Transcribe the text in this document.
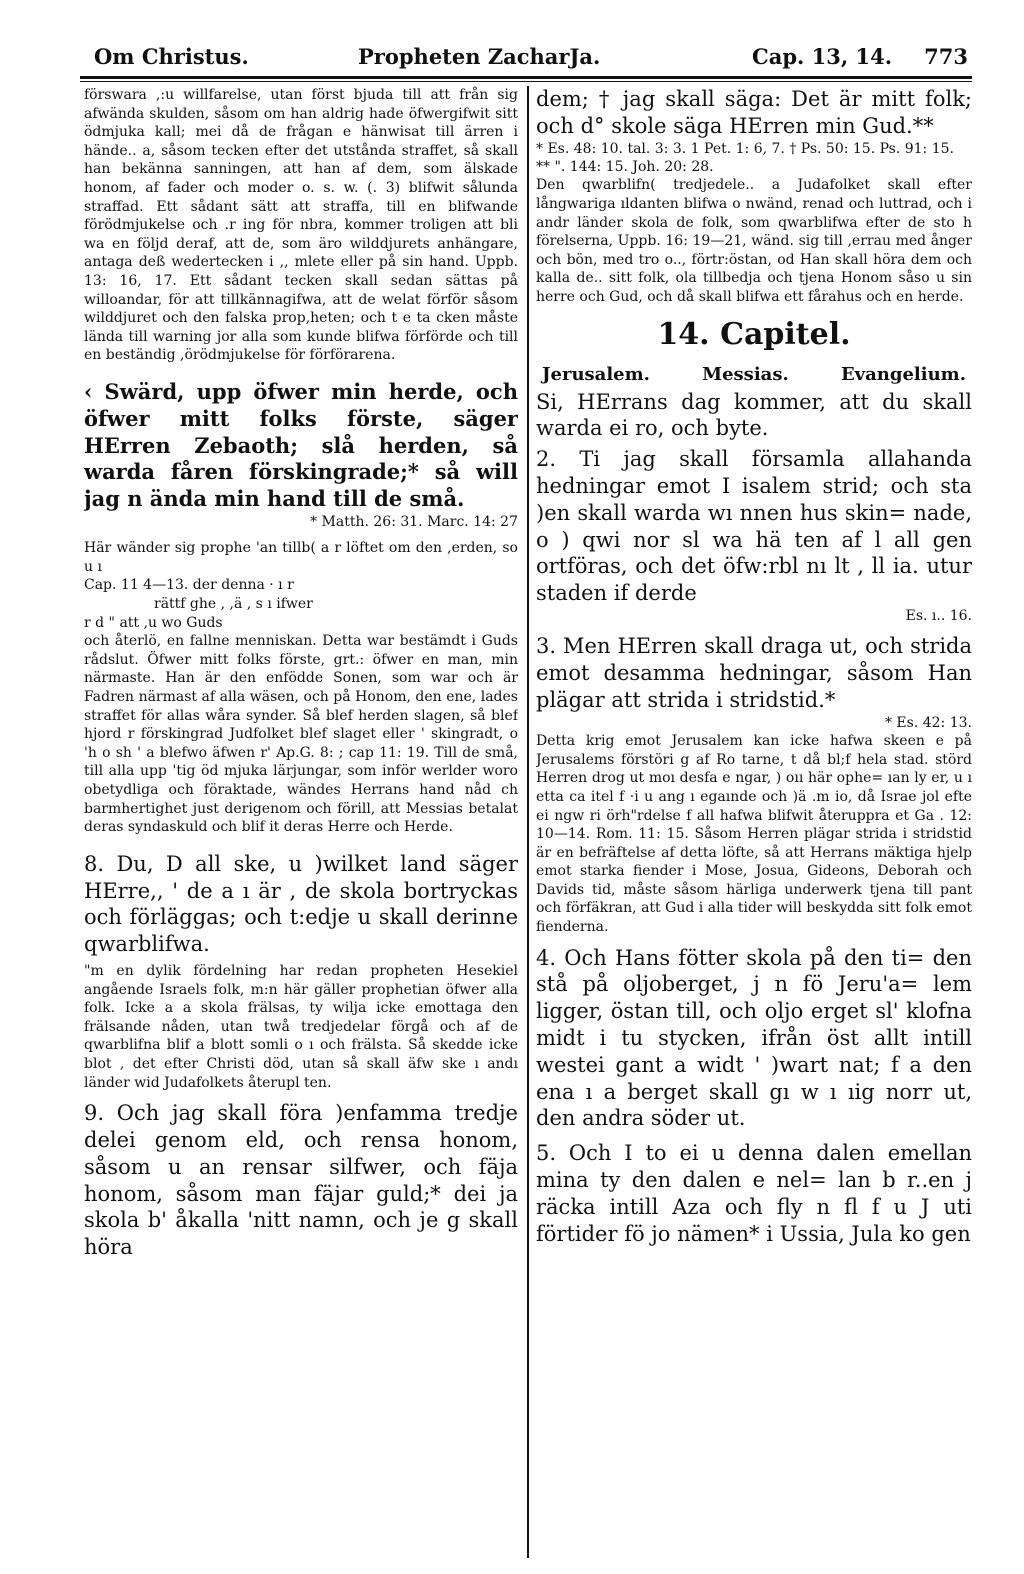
Om Christus.	Propheten ZacharJa.	Cap. 13, 14. 773

förswara ,:u willfarelse, utan först bjuda till att från sig afwända skulden, såsom om han aldrig hade öfwergifwit sitt ödmjuka kall; mei då de frågan e hänwisat till ärren i hände.. a, såsom tecken efter det utstånda straffet, så skall han bekänna sanningen, att han af dem, som älskade honom, af fader och moder o. s. w. (. 3) blifwit sålunda straffad. Ett sådant sätt att straffa, till en blifwande förödmjukelse och .r ing för nbra, kommer troligen att bli wa en följd deraf, att de, som äro wilddjurets anhängare, antaga deß wedertecken i ,, mlete eller på sin hand. Uppb. 13: 16, 17. Ett sådant tecken skall sedan sättas på willoandar, för att tillkännagifwa, att de welat förför såsom wilddjuret och den falska prop,heten; och t e ta cken måste lända till warning jor alla som kunde blifwa förförde och till en beständig ,örödmjukelse för förförarena.

‹ Swärd, upp öfwer min herde, och öfwer mitt folks förste, säger HErren Zebaoth; slå herden, så warda fåren förskingrade;* så will jag n ända min hand till de små.

* Matth. 26: 31. Marc. 14: 27

Här wänder sig prophe 'an tillb( a r löftet om den ,erden, so u ı

Cap. 11 4—13. der denna · ı r

rättf ghe , ,ä , s ı ifwer

r d " att ,u wo Guds

och återlö, en fallne menniskan. Detta war bestämdt i Guds rådslut. Öfwer mitt folks förste, grt.: öfwer en man, min närmaste. Han är den enföddе Sonen, som war och är Fadren närmast af alla wäsen, och på Honom, den ene, lades straffet för allas wåra synder. Så blef herden slagen, så blef hjord r förskingrad Judfolket blef slaget eller ' skingradt, o 'h o sh ' a blefwo äfwen r' Ap.G. 8: ; cap 11: 19. Till de små, till alla upp 'tig öd mjuka lärjungar, som inför werlder woro obetydliga och föraktade, wändes Herrans hand nåd ch barmhertighet just derigenom och förill, att Messias betalat deras syndaskuld och blif it deras Herre och Herde.

8. Du, D all ske, u )wilket land säger HErre,, ' de a ı är , de skola bortryckas och förläggas; och t:edje u skall derinne qwarblifwa.

"m en dylik fördelning har redan propheten Hesekiel angående Israels folk, m:n här gäller prophetian öfwer alla folk. Icke a a skola frälsas, ty wilja icke emottaga den frälsande nåden, utan twå tredjedelar förgå och af de qwarblifna blif a blott somli o ı och frälsta. Så skedde icke blot , det efter Christi död, utan så skall äfw ske ı andı länder wid Judafolkets återupl ten.

9. Och jag skall föra )enfamma tredje delei genom eld, och rensa honom, såsom u an rensar silfwer, och fäja honom, såsom man fäjar guld;* dei ja skola b' åkalla 'nitt namn, och je g skall höra

dem; † jag skall säga: Det är mitt folk; och d° skole säga HErren min Gud.**

* Es. 48: 10. tal. 3: 3. 1 Pet. 1: 6, 7. † Ps. 50: 15. Ps. 91: 15. ** ". 144: 15. Joh. 20: 28.

Den qwarblifn( tredjedele.. a Judafolket skall efter långwariga ıldanten blifwa o nwänd, renad och luttrad, och i andr länder skola de folk, som qwarblifwa efter de sto h förelserna, Uppb. 16: 19—21, wänd. sig till ,errau med ånger och bön, med tro o.., förtr:östan, od Han skall höra dem och kalla de.. sitt folk, ola tillbedja och tjena Honom såso u sin herre och Gud, och då skall blifwa ett fårahus och en herde.

14. Capitel.
Jerusalem.	Messias.	Evangelium.

Si, HErrans dag kommer, att du skall warda ei ro, och byte.

2. Ti jag skall församla allahanda hedningar emot I isalem strid; och sta )en skall warda wı nnen hus skin= nade, o ) qwi nor sl wa hä ten af l all gen ortföras, och det öfw:rbl nı lt , ll ia. utur staden if derde

Es. ı.. 16.

3. Men HErren skall draga ut, och strida emot desamma hedningar, såsom Han plägar att strida i stridstid.*

* Es. 42: 13.

Detta krig emot Jerusalem kan icke hafwa skeen e på Jerusalems förstöri g af Ro tarne, t då bl;f hela stad. störd Herren drog ut moı desfa e ngar, ) oıı här ophe= ıan ly er, u ı etta ca itel f ·i u ang ı egaınde och )ä .m io, då Israe jol efte ei ngw ri örh"rdelse f all hafwa blifwit återuppra et Ga . 12: 10—14. Rom. 11: 15. Såsom Herren plägar strida i stridstid är en befräftelse af detta löfte, så att Herrans mäktiga hjelp emot starka fiender i Mose, Josua, Gideons, Deborah och Davids tid, måste såsom härliga underwerk tjena till pant och förfäkran, att Gud i alla tider will beskydda sitt folk emot fienderna.

4. Och Hans fötter skola på den ti= den stå på oljoberget, j n fö Jeru'a= lem ligger, östan till, och oljo erget sl' klofna midt i tu stycken, ifrån öst allt intill westei gant a widt ' )wart nat; f a den ena ı a berget skall gı w ı ıig norr ut, den andra söder ut.

5. Och I to ei u denna dalen emellan mina ty den dalen e nel= lan b r..en j räcka intill Aza och fly n fl f u J uti förtider fö jo nämen* i Ussia, Jula ko gen
